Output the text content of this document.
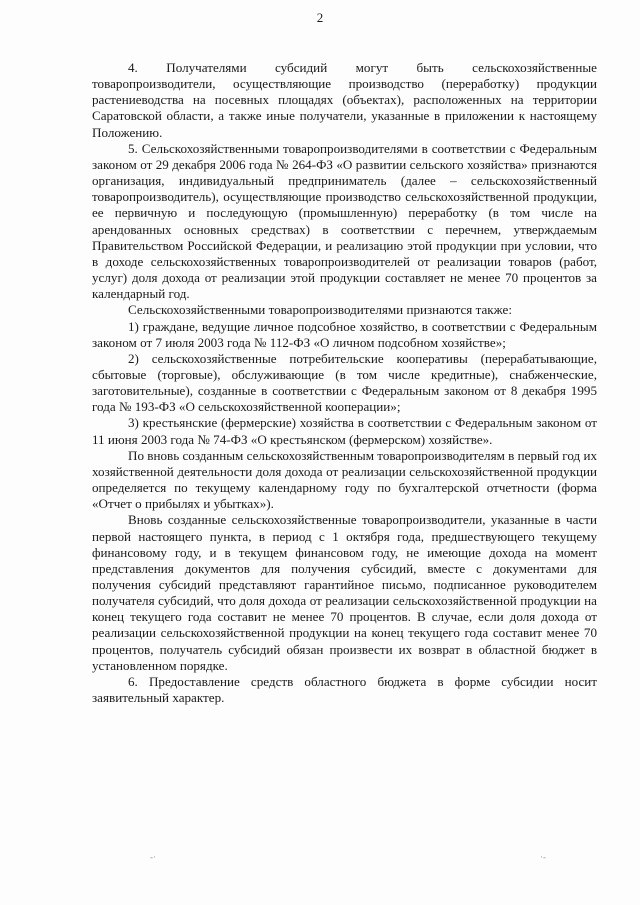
2

4. Получателями субсидий могут быть сельскохозяйственные товаропроизводители, осуществляющие производство (переработку) продукции растениеводства на посевных площадях (объектах), расположенных на территории Саратовской области, а также иные получатели, указанные в приложении к настоящему Положению.

5. Сельскохозяйственными товаропроизводителями в соответствии с Федеральным законом от 29 декабря 2006 года № 264-ФЗ «О развитии сельского хозяйства» признаются организация, индивидуальный предприниматель (далее – сельскохозяйственный товаропроизводитель), осуществляющие производство сельскохозяйственной продукции, ее первичную и последующую (промышленную) переработку (в том числе на арендованных основных средствах) в соответствии с перечнем, утверждаемым Правительством Российской Федерации, и реализацию этой продукции при условии, что в доходе сельскохозяйственных товаропроизводителей от реализации товаров (работ, услуг) доля дохода от реализации этой продукции составляет не менее 70 процентов за календарный год.

Сельскохозяйственными товаропроизводителями признаются также:

1) граждане, ведущие личное подсобное хозяйство, в соответствии с Федеральным законом от 7 июля 2003 года № 112-ФЗ «О личном подсобном хозяйстве»;

2) сельскохозяйственные потребительские кооперативы (перерабатывающие, сбытовые (торговые), обслуживающие (в том числе кредитные), снабженческие, заготовительные), созданные в соответствии с Федеральным законом от 8 декабря 1995 года № 193-ФЗ «О сельскохозяйственной кооперации»;

3) крестьянские (фермерские) хозяйства в соответствии с Федеральным законом от 11 июня 2003 года № 74-ФЗ «О крестьянском (фермерском) хозяйстве».

По вновь созданным сельскохозяйственным товаропроизводителям в первый год их хозяйственной деятельности доля дохода от реализации сельскохозяйственной продукции определяется по текущему календарному году по бухгалтерской отчетности (форма «Отчет о прибылях и убытках»).

Вновь созданные сельскохозяйственные товаропроизводители, указанные в части первой настоящего пункта, в период с 1 октября года, предшествующего текущему финансовому году, и в текущем финансовом году, не имеющие дохода на момент представления документов для получения субсидий, вместе с документами для получения субсидий представляют гарантийное письмо, подписанное руководителем получателя субсидий, что доля дохода от реализации сельскохозяйственной продукции на конец текущего года составит не менее 70 процентов. В случае, если доля дохода от реализации сельскохозяйственной продукции на конец текущего года составит менее 70 процентов, получатель субсидий обязан произвести их возврат в областной бюджет в установленном порядке.

6. Предоставление средств областного бюджета в форме субсидии носит заявительный характер.

-·	·-
